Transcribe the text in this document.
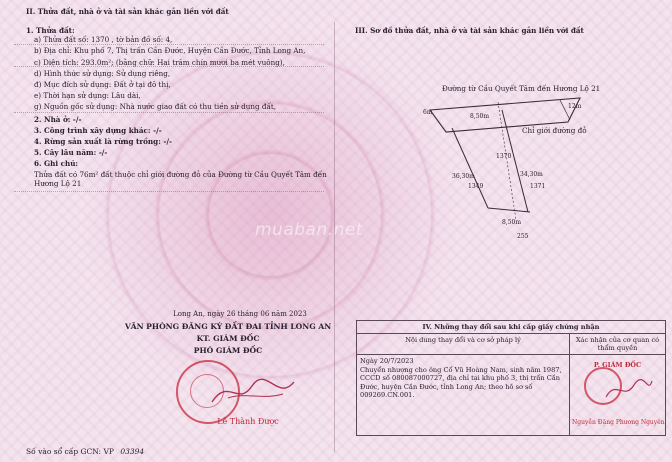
muaban.net
II. Thửa đất, nhà ở và tài sản khác gắn liền với đất
1. Thửa đất:
a) Thửa đất số: 1370 , tờ bản đồ số: 4,
b) Địa chỉ: Khu phố 7, Thị trấn Cần Đước, Huyện Cần Đước, Tỉnh Long An,
c) Diện tích: 293.0m²; (bằng chữ: Hai trăm chín mươi ba mét vuông),
d) Hình thức sử dụng: Sử dụng riêng,
đ) Mục đích sử dụng: Đất ở tại đô thị,
e) Thời hạn sử dụng: Lâu dài,
g) Nguồn gốc sử dụng: Nhà nước giao đất có thu tiền sử dụng đất,
2. Nhà ở: -/-
3. Công trình xây dựng khác: -/-
4. Rừng sản xuất là rừng trồng: -/-
5. Cây lâu năm: -/-
6. Ghi chú:
Thửa đất có 76m² đất thuộc chỉ giới đường đỏ của Đường từ Cầu Quyết Tâm đến Hương Lộ 21
Long An, ngày 26 tháng 06 năm 2023
VĂN PHÒNG ĐĂNG KÝ ĐẤT ĐAI TỈNH LONG AN
KT. GIÁM ĐỐC
PHÓ GIÁM ĐỐC
Lê Thành Được
Số vào sổ cấp GCN: VP 03394
III. Sơ đồ thửa đất, nhà ở và tài sản khác gắn liền với đất
Đường từ Cầu Quyết Tâm đến Hương Lộ 21
Chỉ giới đường đỏ
8,50m
12m
36,30m	34,30m
8,50m
6m
1370
1349	1371
255
IV. Những thay đổi sau khi cấp giấy chứng nhận
Nội dung thay đổi và cơ sở pháp lý	Xác nhận của cơ quan có thẩm quyền
Ngày 20/7/2023
Chuyển nhượng cho ông Cổ Vũ Hoàng Nam, sinh năm 1987,
CCCD số 080087000727, địa chỉ tại khu phố 3, thị trấn Cần
Đước, huyện Cần Đước, tỉnh Long An; theo hồ sơ số
009269.CN.001.
P. GIÁM ĐỐC
Nguyễn Đặng Phương Nguyên
